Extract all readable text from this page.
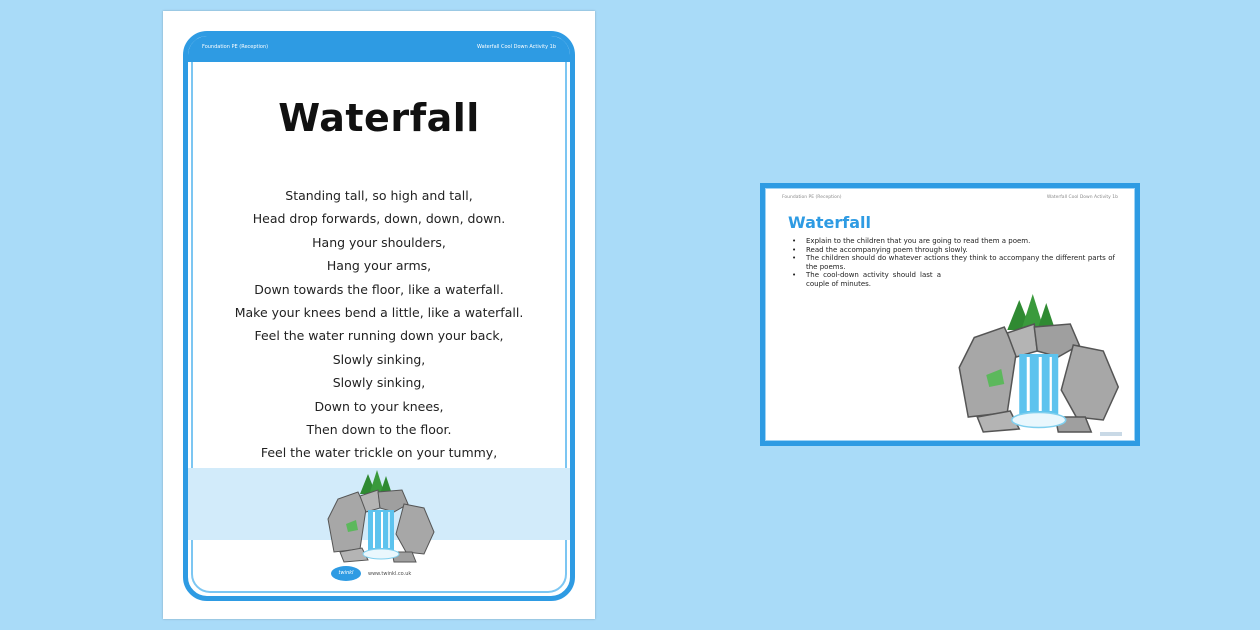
Foundation PE (Reception)	Waterfall Cool Down Activity 1b
Waterfall
Standing tall, so high and tall,
Head drop forwards, down, down, down.
Hang your shoulders,
Hang your arms,
Down towards the floor, like a waterfall.
Make your knees bend a little, like a waterfall.
Feel the water running down your back,
Slowly sinking,
Slowly sinking,
Down to your knees,
Then down to the floor.
Feel the water trickle on your tummy,
twinkl	www.twinkl.co.uk
Foundation PE (Reception)	Waterfall Cool Down Activity 1b
Waterfall
• Explain to the children that you are going to read them a poem.
• Read the accompanying poem through slowly.
• The children should do whatever actions they think to accompany the different parts of the poems.
• The cool-down activity should last a couple of minutes.
